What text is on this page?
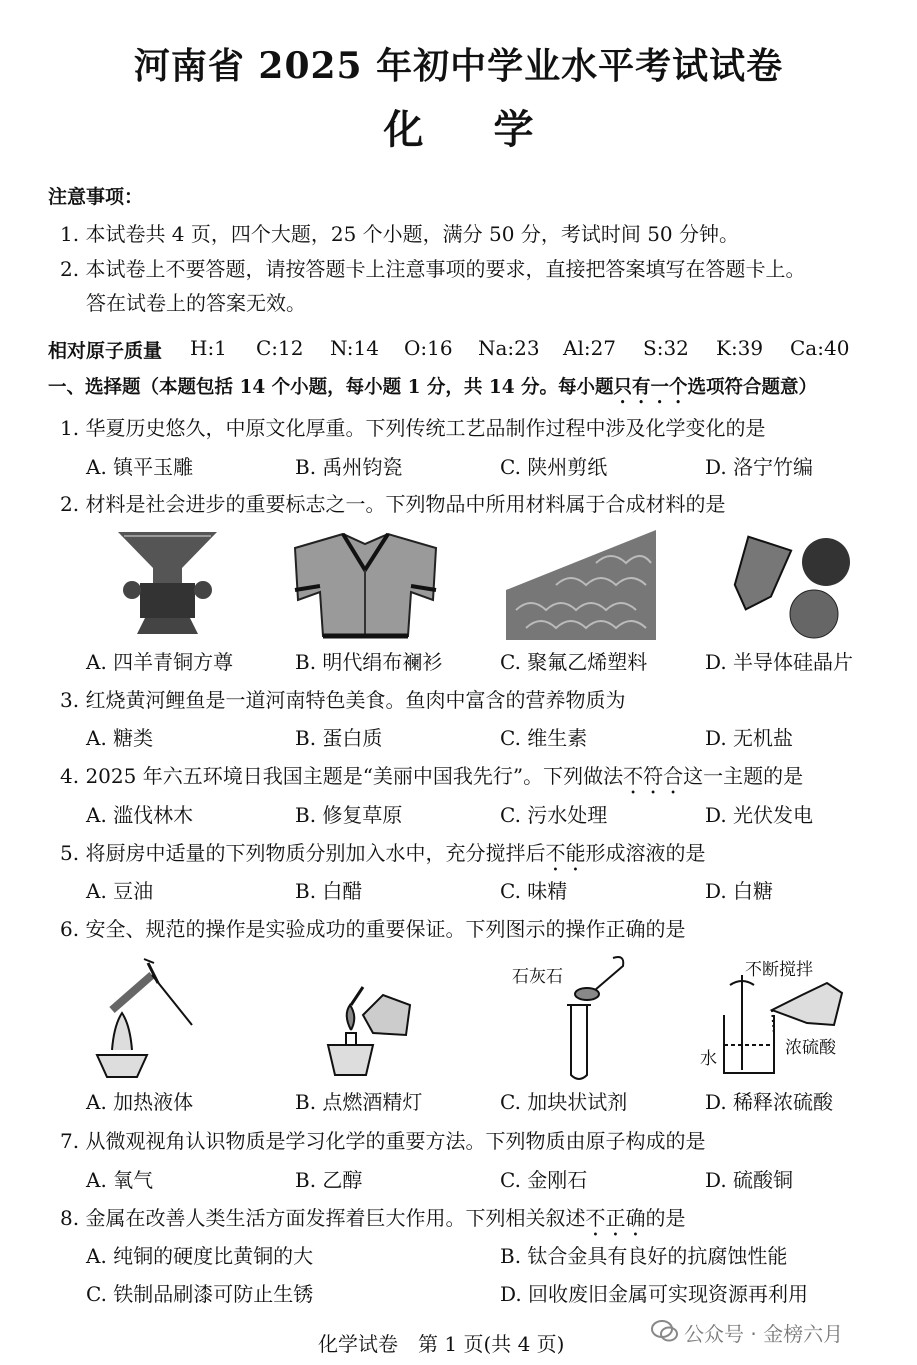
河南省 2025 年初中学业水平考试试卷
化学
注意事项：
1. 本试卷共 4 页，四个大题，25 个小题，满分 50 分，考试时间 50 分钟。
2. 本试卷上不要答题，请按答题卡上注意事项的要求，直接把答案填写在答题卡上。
答在试卷上的答案无效。
相对原子质量 H:1 C:12 N:14 O:16 Na:23 Al:27 S:32 K:39 Ca:40
一、选择题（本题包括 14 个小题，每小题 1 分，共 14 分。每小题只有一个选项符合题意）
1. 华夏历史悠久，中原文化厚重。下列传统工艺品制作过程中涉及化学变化的是
A. 镇平玉雕	B. 禹州钧瓷	C. 陕州剪纸	D. 洛宁竹编
2. 材料是社会进步的重要标志之一。下列物品中所用材料属于合成材料的是
A. 四羊青铜方尊	B. 明代绢布襕衫	C. 聚氟乙烯塑料	D. 半导体硅晶片
3. 红烧黄河鲤鱼是一道河南特色美食。鱼肉中富含的营养物质为
A. 糖类	B. 蛋白质	C. 维生素	D. 无机盐
4. 2025 年六五环境日我国主题是“美丽中国我先行”。下列做法不符合这一主题的是
A. 滥伐林木	B. 修复草原	C. 污水处理	D. 光伏发电
5. 将厨房中适量的下列物质分别加入水中，充分搅拌后不能形成溶液的是
A. 豆油	B. 白醋	C. 味精	D. 白糖
6. 安全、规范的操作是实验成功的重要保证。下列图示的操作正确的是
石灰石	不断搅拌
水
浓硫酸
A. 加热液体	B. 点燃酒精灯	C. 加块状试剂	D. 稀释浓硫酸
7. 从微观视角认识物质是学习化学的重要方法。下列物质由原子构成的是
A. 氧气	B. 乙醇	C. 金刚石	D. 硫酸铜
8. 金属在改善人类生活方面发挥着巨大作用。下列相关叙述不正确的是
A. 纯铜的硬度比黄铜的大	B. 钛合金具有良好的抗腐蚀性能
C. 铁制品刷漆可防止生锈	D. 回收废旧金属可实现资源再利用
化学试卷　第 1 页(共 4 页)	公众号 · 金榜六月
